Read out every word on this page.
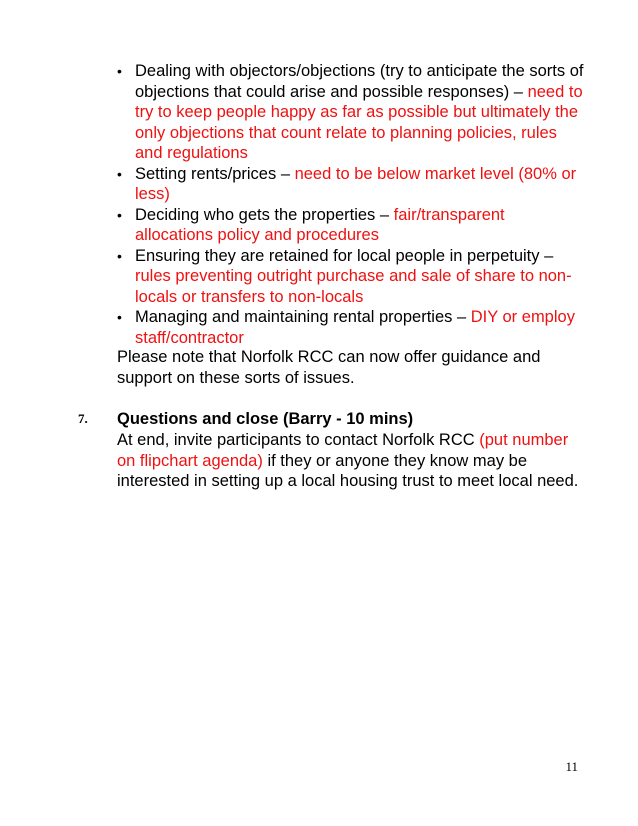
• Dealing with objectors/objections (try to anticipate the sorts of objections that could arise and possible responses) – need to try to keep people happy as far as possible but ultimately the only objections that count relate to planning policies, rules and regulations
• Setting rents/prices – need to be below market level (80% or less)
• Deciding who gets the properties – fair/transparent allocations policy and procedures
• Ensuring they are retained for local people in perpetuity – rules preventing outright purchase and sale of share to non-locals or transfers to non-locals
• Managing and maintaining rental properties – DIY or employ staff/contractor

Please note that Norfolk RCC can now offer guidance and support on these sorts of issues.

7. Questions and close (Barry - 10 mins)
At end, invite participants to contact Norfolk RCC (put number on flipchart agenda) if they or anyone they know may be interested in setting up a local housing trust to meet local need.
11
